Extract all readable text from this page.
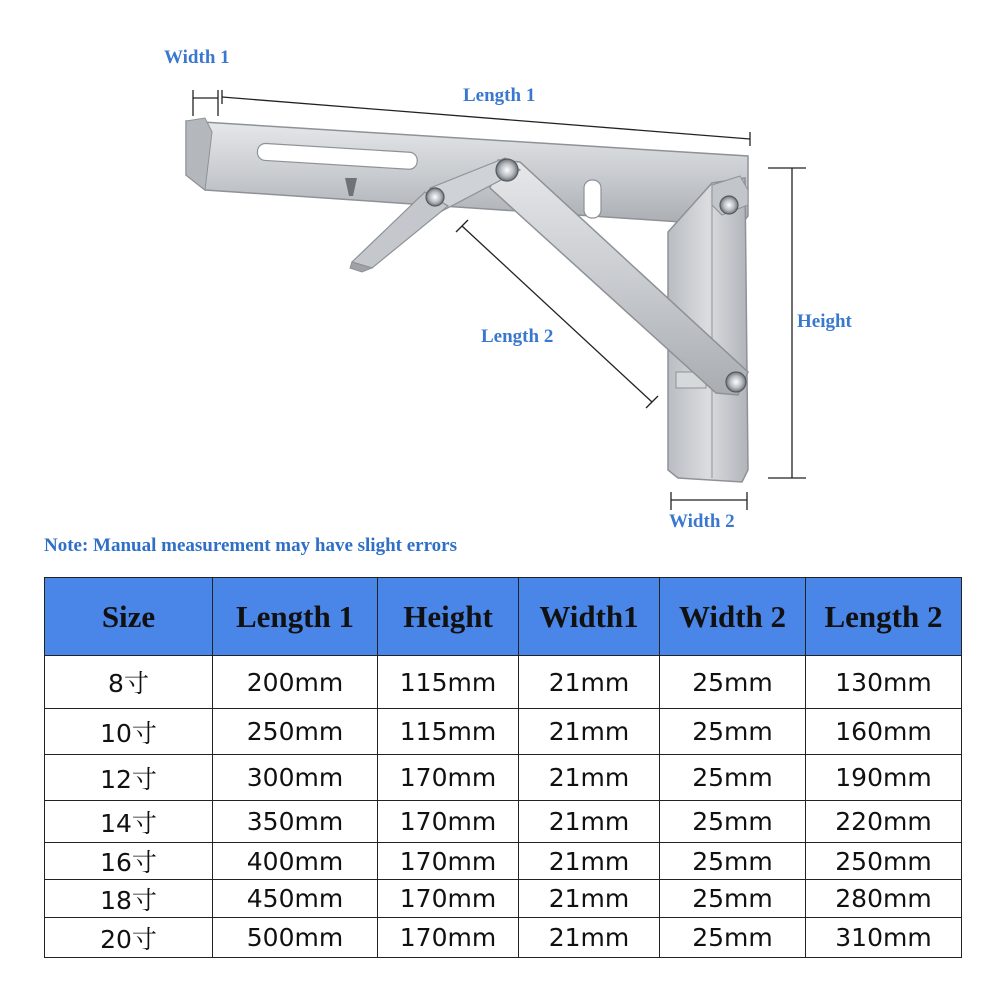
Width 1
Length 1
Height
Length 2
Width 2
Note: Manual measurement may have slight errors
Size	Length 1	Height	Width1	Width 2	Length 2
8寸	200mm	115mm	21mm	25mm	130mm
10寸	250mm	115mm	21mm	25mm	160mm
12寸	300mm	170mm	21mm	25mm	190mm
14寸	350mm	170mm	21mm	25mm	220mm
16寸	400mm	170mm	21mm	25mm	250mm
18寸	450mm	170mm	21mm	25mm	280mm
20寸	500mm	170mm	21mm	25mm	310mm
